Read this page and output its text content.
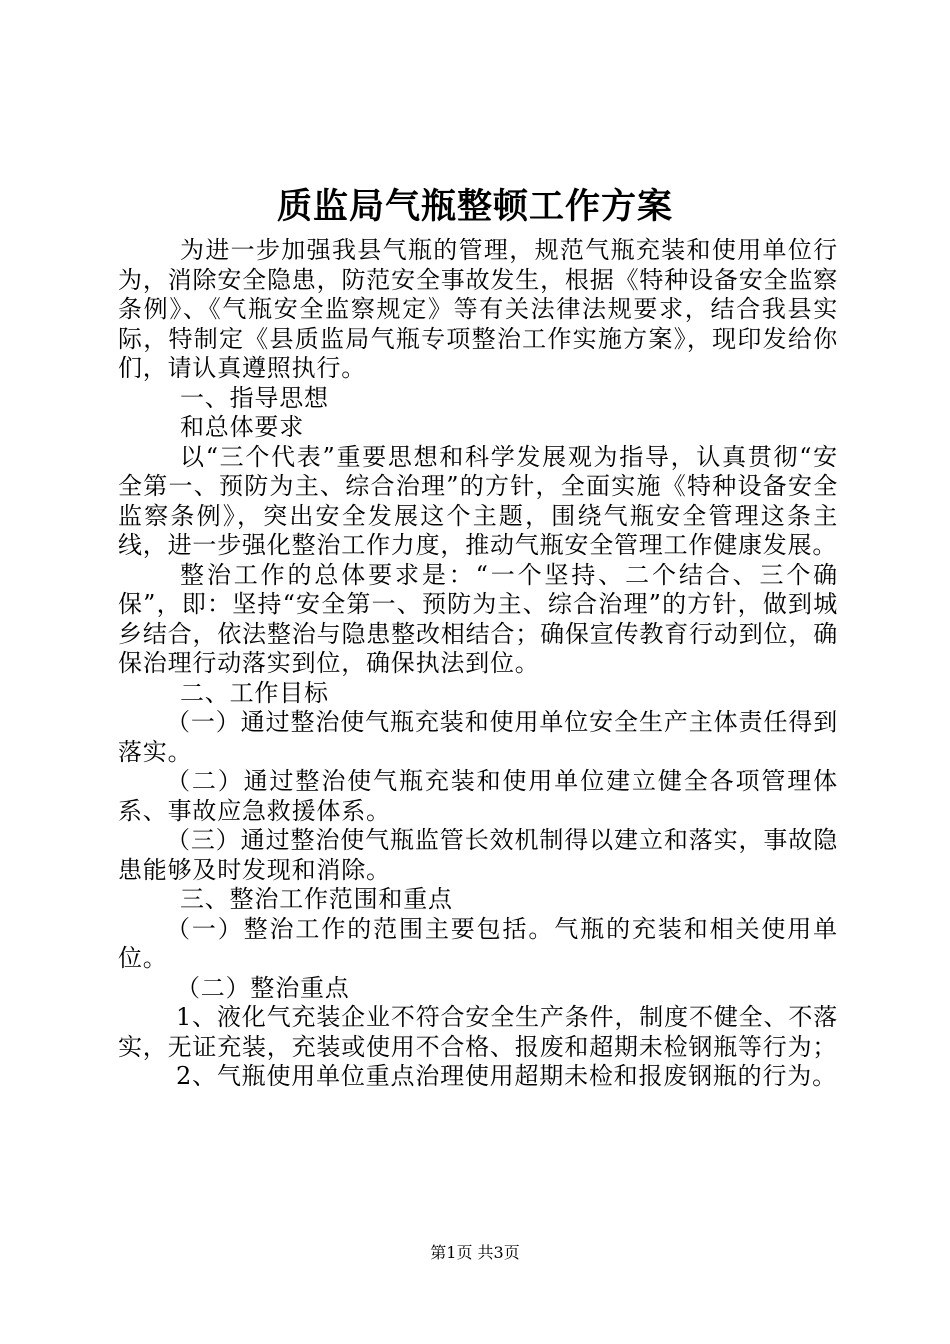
质监局气瓶整顿工作方案

为进一步加强我县气瓶的管理，规范气瓶充装和使用单位行为，消除安全隐患，防范安全事故发生，根据《特种设备安全监察条例》、《气瓶安全监察规定》等有关法律法规要求，结合我县实际，特制定《县质监局气瓶专项整治工作实施方案》，现印发给你们，请认真遵照执行。

一、指导思想

和总体要求

以“三个代表”重要思想和科学发展观为指导，认真贯彻“安全第一、预防为主、综合治理”的方针，全面实施《特种设备安全监察条例》，突出安全发展这个主题，围绕气瓶安全管理这条主线，进一步强化整治工作力度，推动气瓶安全管理工作健康发展。

整治工作的总体要求是：“一个坚持、二个结合、三个确保”，即：坚持“安全第一、预防为主、综合治理”的方针，做到城乡结合，依法整治与隐患整改相结合；确保宣传教育行动到位，确保治理行动落实到位，确保执法到位。

二、工作目标

（一）通过整治使气瓶充装和使用单位安全生产主体责任得到落实。

（二）通过整治使气瓶充装和使用单位建立健全各项管理体系、事故应急救援体系。

（三）通过整治使气瓶监管长效机制得以建立和落实，事故隐患能够及时发现和消除。

三、整治工作范围和重点

（一）整治工作的范围主要包括。气瓶的充装和相关使用单位。

（二）整治重点

1、液化气充装企业不符合安全生产条件，制度不健全、不落实，无证充装，充装或使用不合格、报废和超期未检钢瓶等行为；

2、气瓶使用单位重点治理使用超期未检和报废钢瓶的行为。

第1页 共3页
